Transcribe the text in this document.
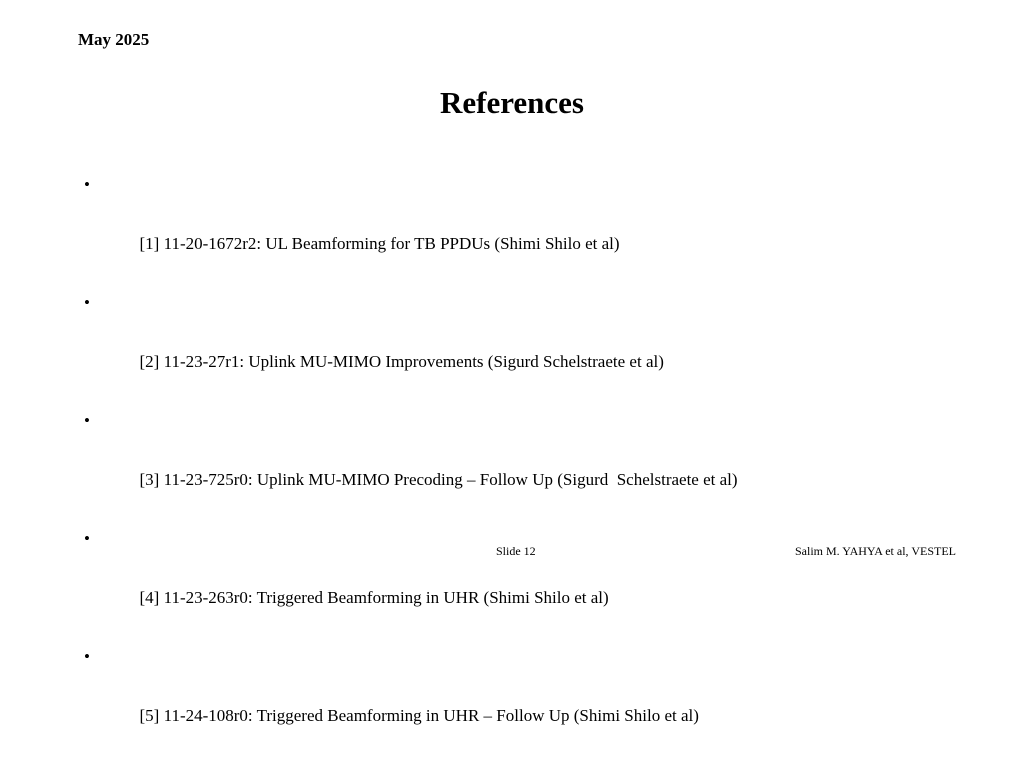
May 2025
References

•

[1] 11-20-1672r2: UL Beamforming for TB PPDUs (Shimi Shilo et al)

•

[2] 11-23-27r1: Uplink MU-MIMO Improvements (Sigurd Schelstraete et al)

•

[3] 11-23-725r0: Uplink MU-MIMO Precoding – Follow Up (Sigurd  Schelstraete et al)

•

[4] 11-23-263r0: Triggered Beamforming in UHR (Shimi Shilo et al)

•

[5] 11-24-108r0: Triggered Beamforming in UHR – Follow Up (Shimi Shilo et al)

Slide 12	Salim M. YAHYA et al, VESTEL
